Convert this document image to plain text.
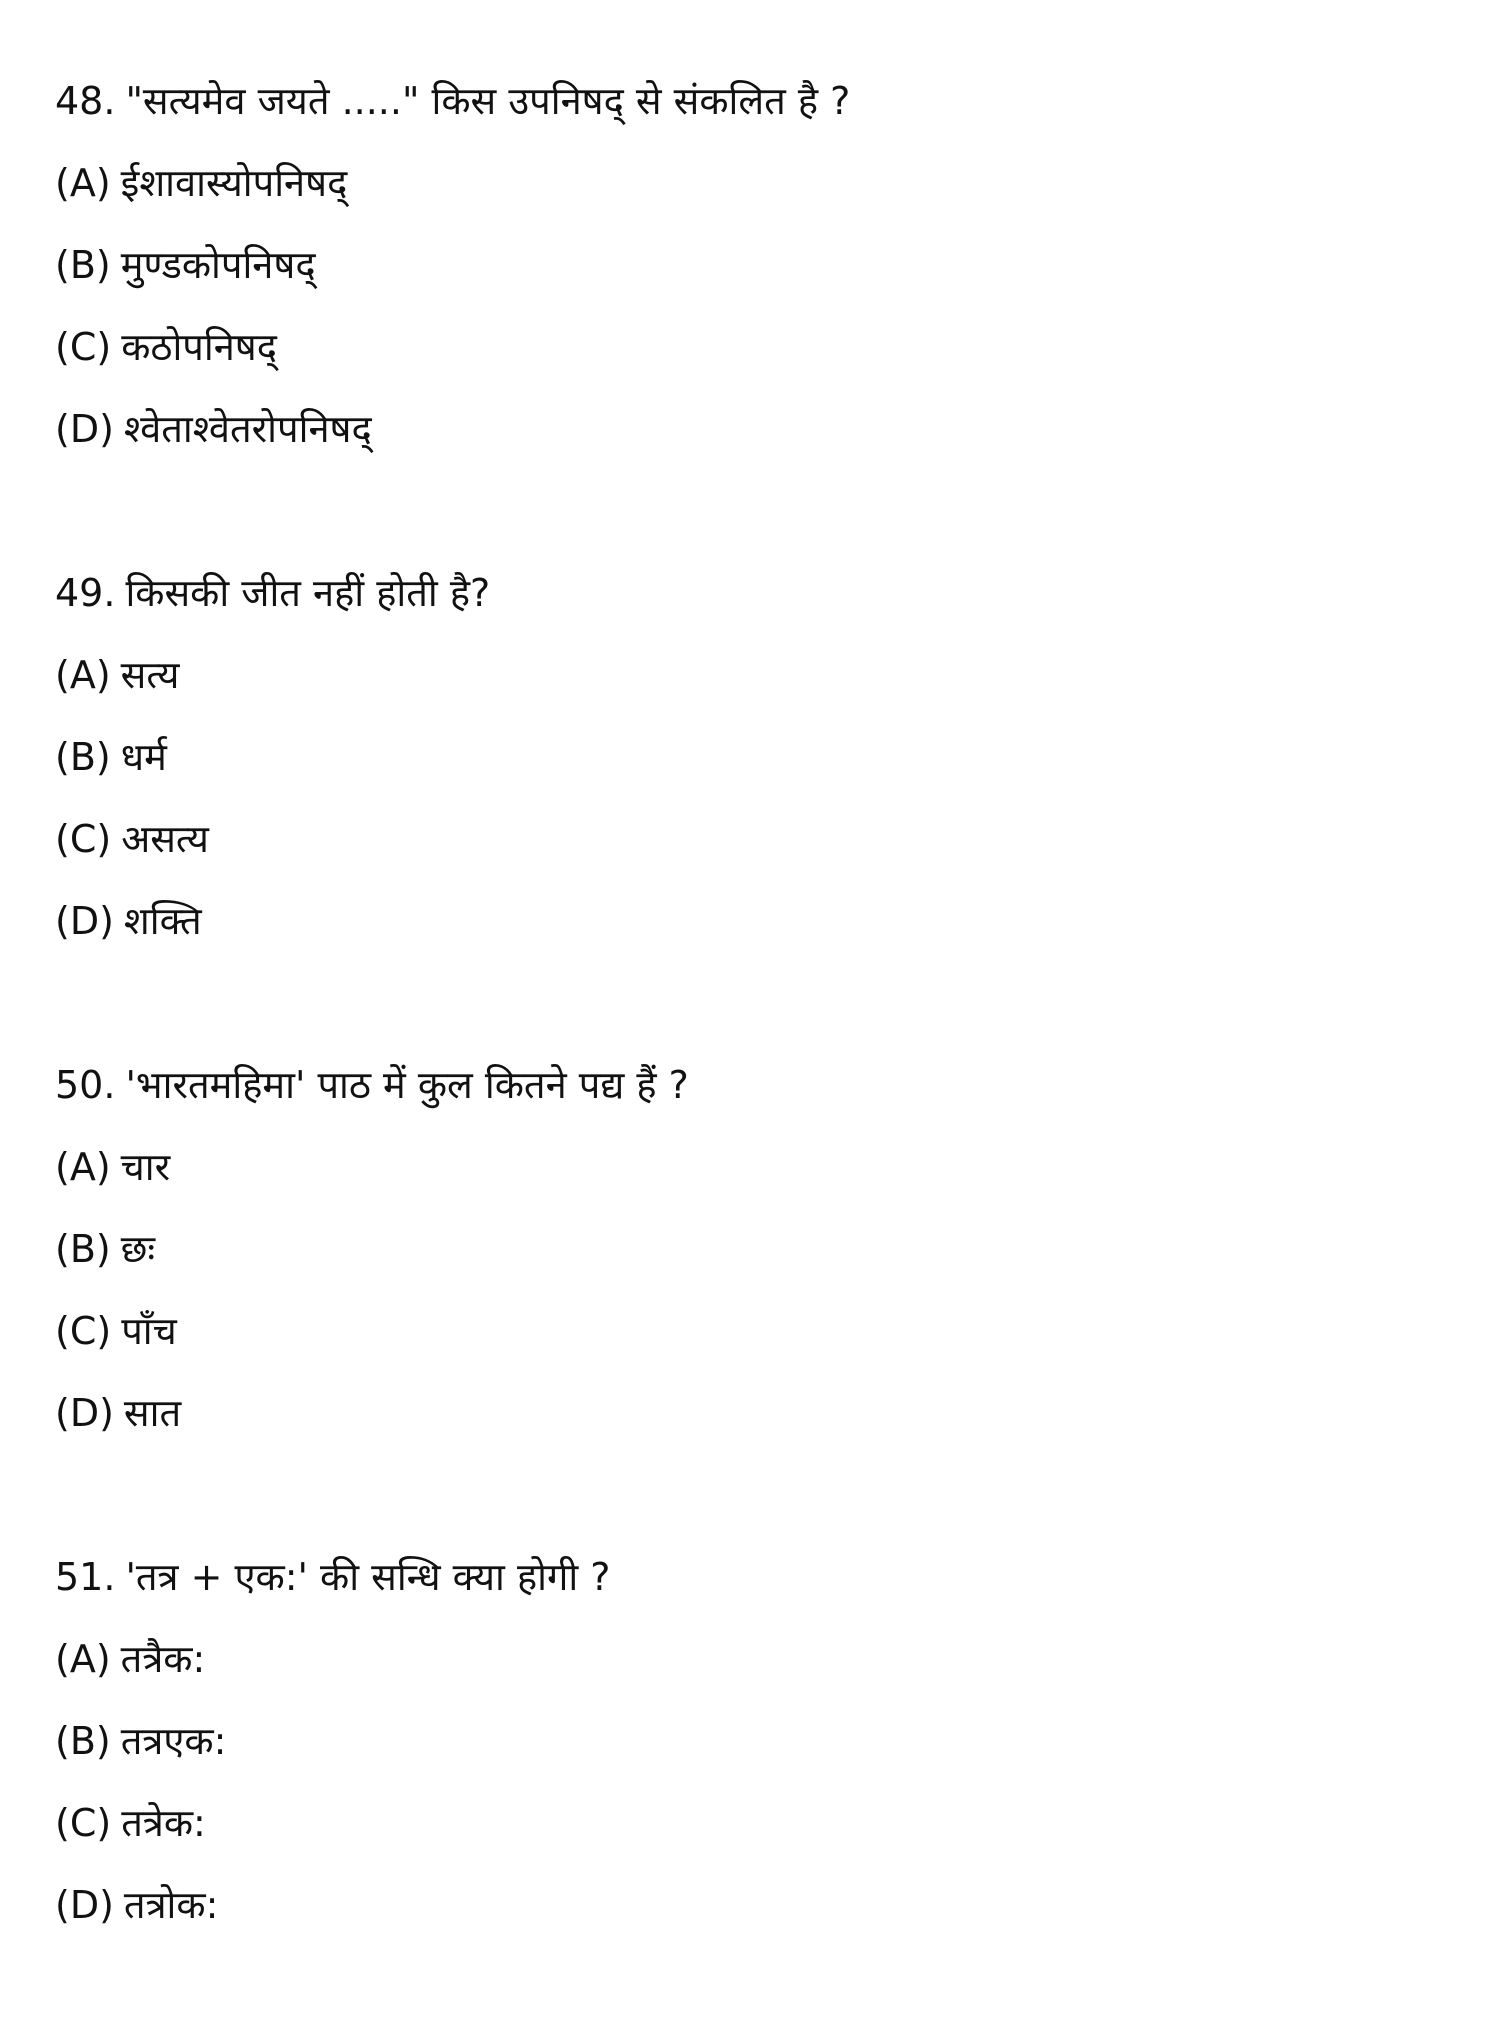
48. "सत्यमेव जयते ....." किस उपनिषद् से संकलित है ?
(A) ईशावास्योपनिषद्
(B) मुण्डकोपनिषद्
(C) कठोपनिषद्
(D) श्वेताश्वेतरोपनिषद्
49. किसकी जीत नहीं होती है?
(A) सत्य
(B) धर्म
(C) असत्य
(D) शक्ति
50. 'भारतमहिमा' पाठ में कुल कितने पद्य हैं ?
(A) चार
(B) छः
(C) पाँच
(D) सात
51. 'तत्र + एक:' की सन्धि क्या होगी ?
(A) तत्रैक:
(B) तत्रएक:
(C) तत्रेक:
(D) तत्रोक:
